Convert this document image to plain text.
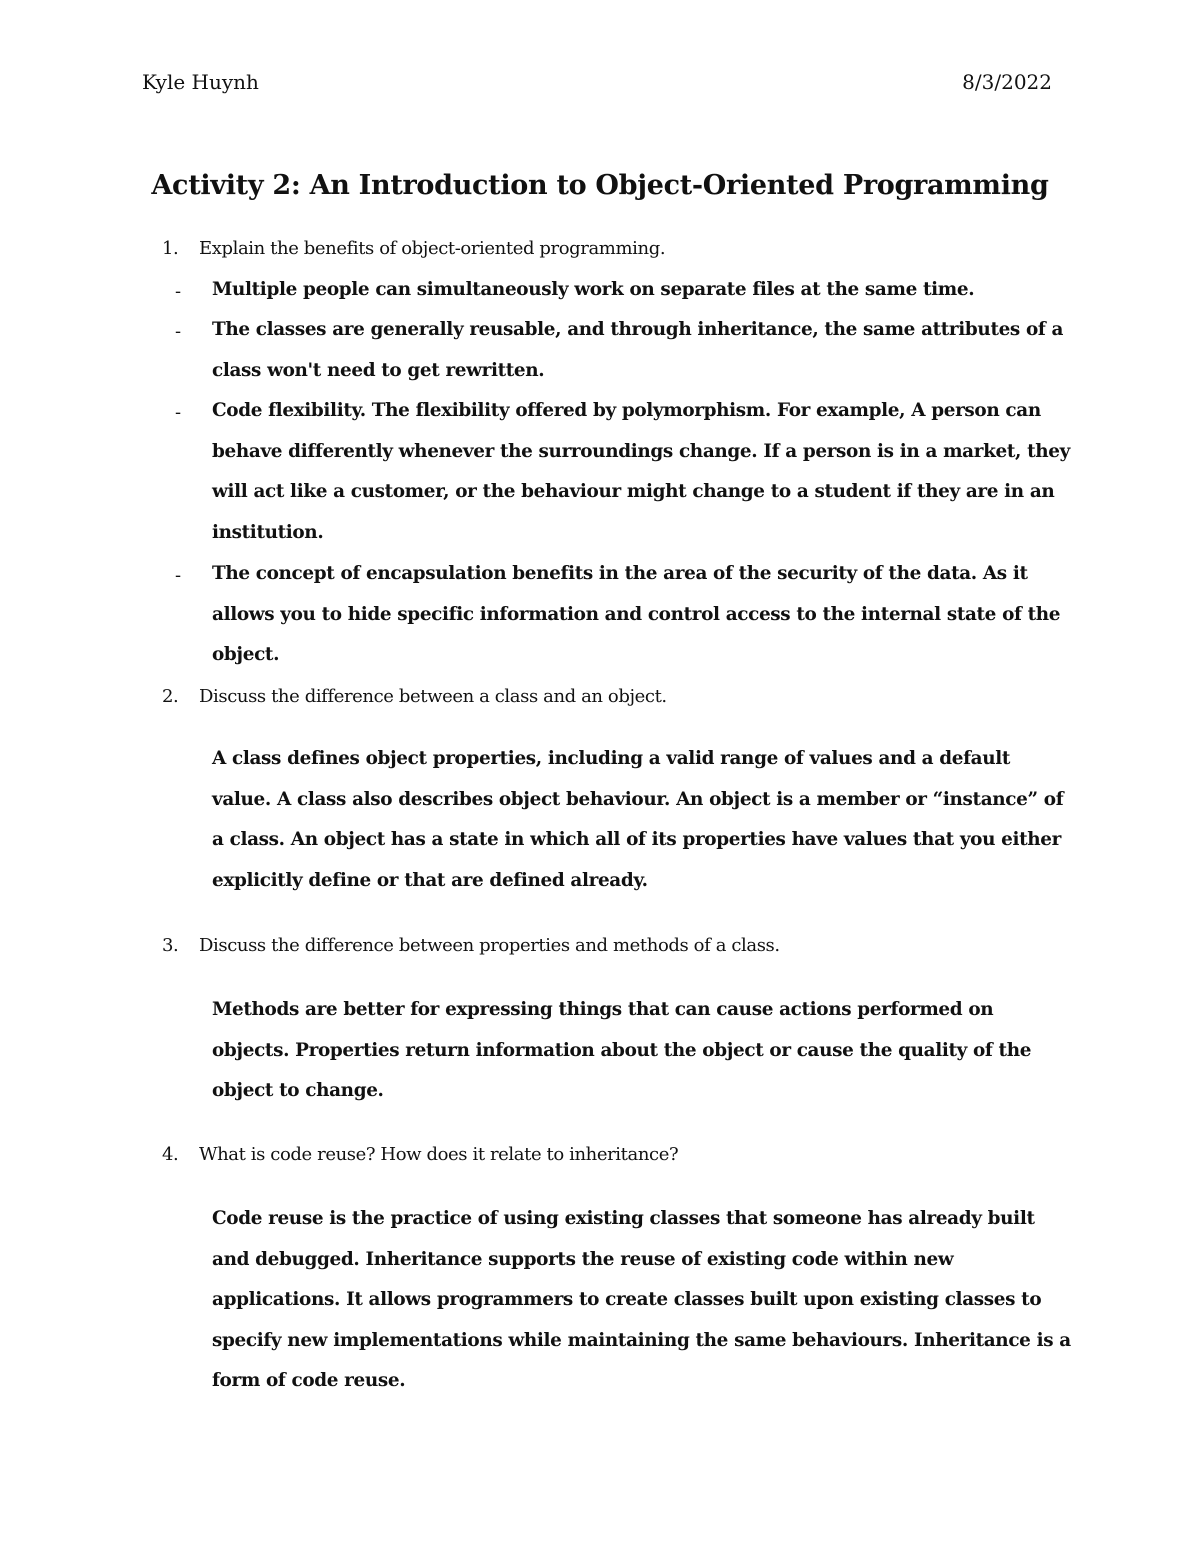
Kyle Huynh	8/3/2022
Activity 2: An Introduction to Object-Oriented Programming
1. Explain the benefits of object-oriented programming.
- Multiple people can simultaneously work on separate files at the same time.
- The classes are generally reusable, and through inheritance, the same attributes of a class won't need to get rewritten.
- Code flexibility. The flexibility offered by polymorphism. For example, A person can behave differently whenever the surroundings change. If a person is in a market, they will act like a customer, or the behaviour might change to a student if they are in an institution.
- The concept of encapsulation benefits in the area of the security of the data. As it allows you to hide specific information and control access to the internal state of the object.
2. Discuss the difference between a class and an object.
A class defines object properties, including a valid range of values and a default value. A class also describes object behaviour. An object is a member or “instance” of a class. An object has a state in which all of its properties have values that you either explicitly define or that are defined already.
3. Discuss the difference between properties and methods of a class.
Methods are better for expressing things that can cause actions performed on objects. Properties return information about the object or cause the quality of the object to change.
4. What is code reuse? How does it relate to inheritance?
Code reuse is the practice of using existing classes that someone has already built and debugged. Inheritance supports the reuse of existing code within new applications. It allows programmers to create classes built upon existing classes to specify new implementations while maintaining the same behaviours. Inheritance is a form of code reuse.
